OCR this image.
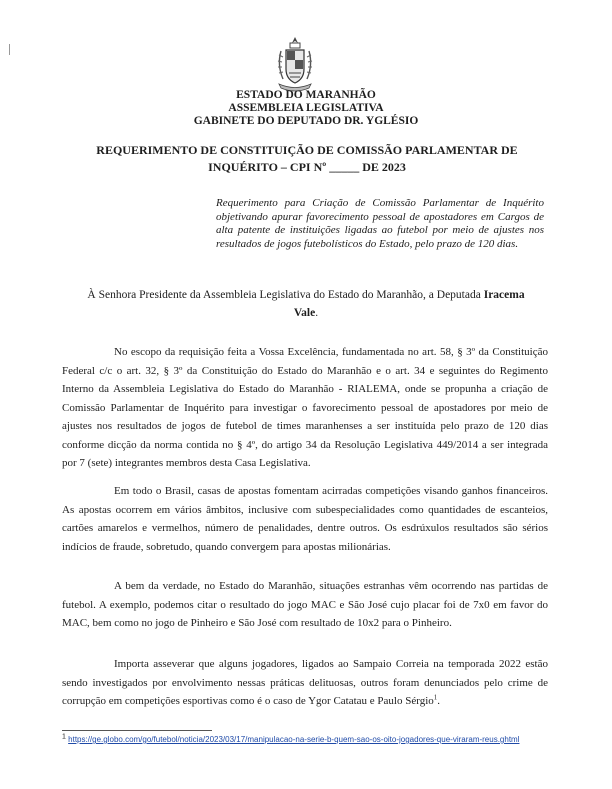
ESTADO DO MARANHÃO
ASSEMBLEIA LEGISLATIVA
GABINETE DO DEPUTADO DR. YGLÉSIO
REQUERIMENTO DE CONSTITUIÇÃO DE COMISSÃO PARLAMENTAR DE
INQUÉRITO – CPI Nº _____ DE 2023
Requerimento para Criação de Comissão Parlamentar de Inquérito objetivando apurar favorecimento pessoal de apostadores em Cargos de alta patente de instituições ligadas ao futebol por meio de ajustes nos resultados de jogos futebolísticos do Estado, pelo prazo de 120 dias.
À Senhora Presidente da Assembleia Legislativa do Estado do Maranhão, a Deputada Iracema Vale.
No escopo da requisição feita a Vossa Excelência, fundamentada no art. 58, § 3º da Constituição Federal c/c o art. 32, § 3º da Constituição do Estado do Maranhão e o art. 34 e seguintes do Regimento Interno da Assembleia Legislativa do Estado do Maranhão - RIALEMA, onde se propunha a criação de Comissão Parlamentar de Inquérito para investigar o favorecimento pessoal de apostadores por meio de ajustes nos resultados de jogos de futebol de times maranhenses a ser instituída pelo prazo de 120 dias conforme dicção da norma contida no § 4º, do artigo 34 da Resolução Legislativa 449/2014 a ser integrada por 7 (sete) integrantes membros desta Casa Legislativa.
Em todo o Brasil, casas de apostas fomentam acirradas competições visando ganhos financeiros. As apostas ocorrem em vários âmbitos, inclusive com subespecialidades como quantidades de escanteios, cartões amarelos e vermelhos, número de penalidades, dentre outros. Os esdrúxulos resultados são sérios indícios de fraude, sobretudo, quando convergem para apostas milionárias.
A bem da verdade, no Estado do Maranhão, situações estranhas vêm ocorrendo nas partidas de futebol. A exemplo, podemos citar o resultado do jogo MAC e São José cujo placar foi de 7x0 em favor do MAC, bem como no jogo de Pinheiro e São José com resultado de 10x2 para o Pinheiro.
Importa asseverar que alguns jogadores, ligados ao Sampaio Correia na temporada 2022 estão sendo investigados por envolvimento nessas práticas delituosas, outros foram denunciados pelo crime de corrupção em competições esportivas como é o caso de Ygor Catatau e Paulo Sérgio$^1$.
$^1$ https://ge.globo.com/go/futebol/noticia/2023/03/17/manipulacao-na-serie-b-quem-sao-os-oito-jogadores-que-viraram-reus.ghtml
